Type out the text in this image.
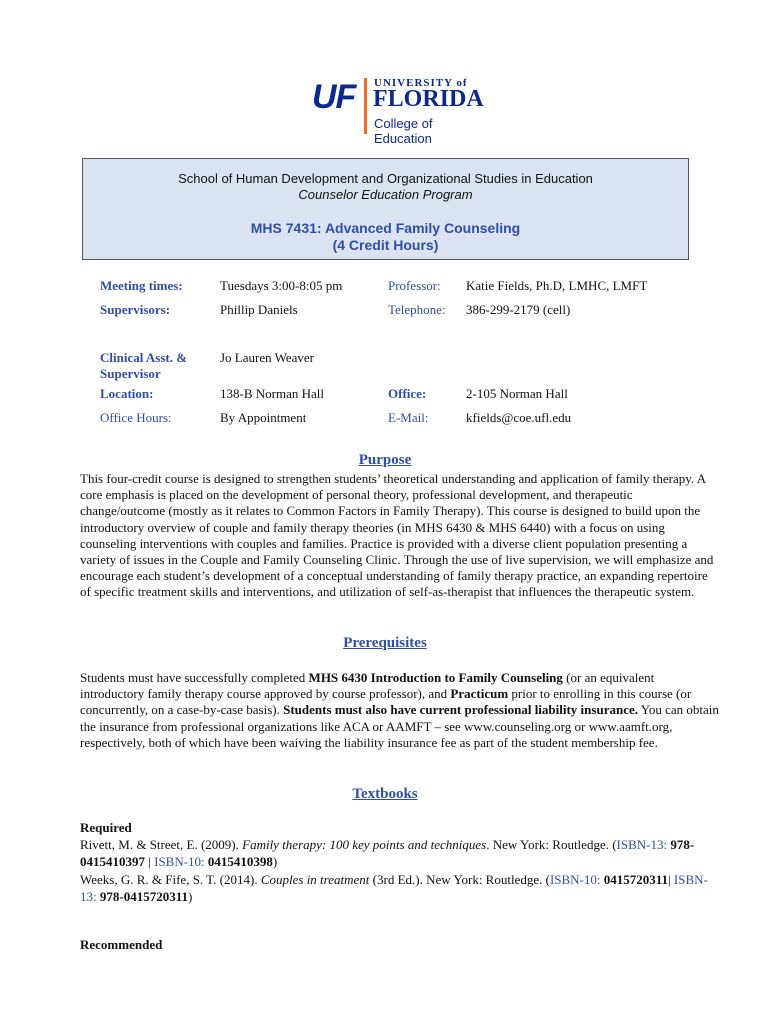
UF UNIVERSITY of
FLORIDA
College of Education
School of Human Development and Organizational Studies in Education
Counselor Education Program
MHS 7431: Advanced Family Counseling
(4 Credit Hours)
Meeting times:	Tuesdays 3:00-8:05 pm	Professor: Katie Fields, Ph.D, LMHC, LMFT
Supervisors:	Phillip Daniels	Telephone: 386-299-2179 (cell)
Clinical Asst. &
Supervisor
Jo Lauren Weaver
Location:	138-B Norman Hall	Office:	2-105 Norman Hall
Office Hours:	By Appointment	E-Mail:	kfields@coe.ufl.edu
Purpose

This four-credit course is designed to strengthen students’ theoretical understanding and application of family therapy. A core emphasis is placed on the development of personal theory, professional development, and therapeutic change/outcome (mostly as it relates to Common Factors in Family Therapy). This course is designed to build upon the introductory overview of couple and family therapy theories (in MHS 6430 & MHS 6440) with a focus on using counseling interventions with couples and families. Practice is provided with a diverse client population presenting a variety of issues in the Couple and Family Counseling Clinic. Through the use of live supervision, we will emphasize and encourage each student’s development of a conceptual understanding of family therapy practice, an expanding repertoire of specific treatment skills and interventions, and utilization of self-as-therapist that influences the therapeutic system.

Prerequisites

Students must have successfully completed MHS 6430 Introduction to Family Counseling (or an equivalent introductory family therapy course approved by course professor), and Practicum prior to enrolling in this course (or concurrently, on a case-by-case basis). Students must also have current professional liability insurance. You can obtain the insurance from professional organizations like ACA or AAMFT – see www.counseling.org or www.aamft.org, respectively, both of which have been waiving the liability insurance fee as part of the student membership fee.

Textbooks
Required
Rivett, M. & Street, E. (2009). Family therapy: 100 key points and techniques. New York: Routledge. (ISBN-13: 978-0415410397 | ISBN-10: 0415410398)
Weeks, G. R. & Fife, S. T. (2014). Couples in treatment (3rd Ed.). New York: Routledge. (ISBN-10: 0415720311| ISBN-13: 978-0415720311)
Recommended
